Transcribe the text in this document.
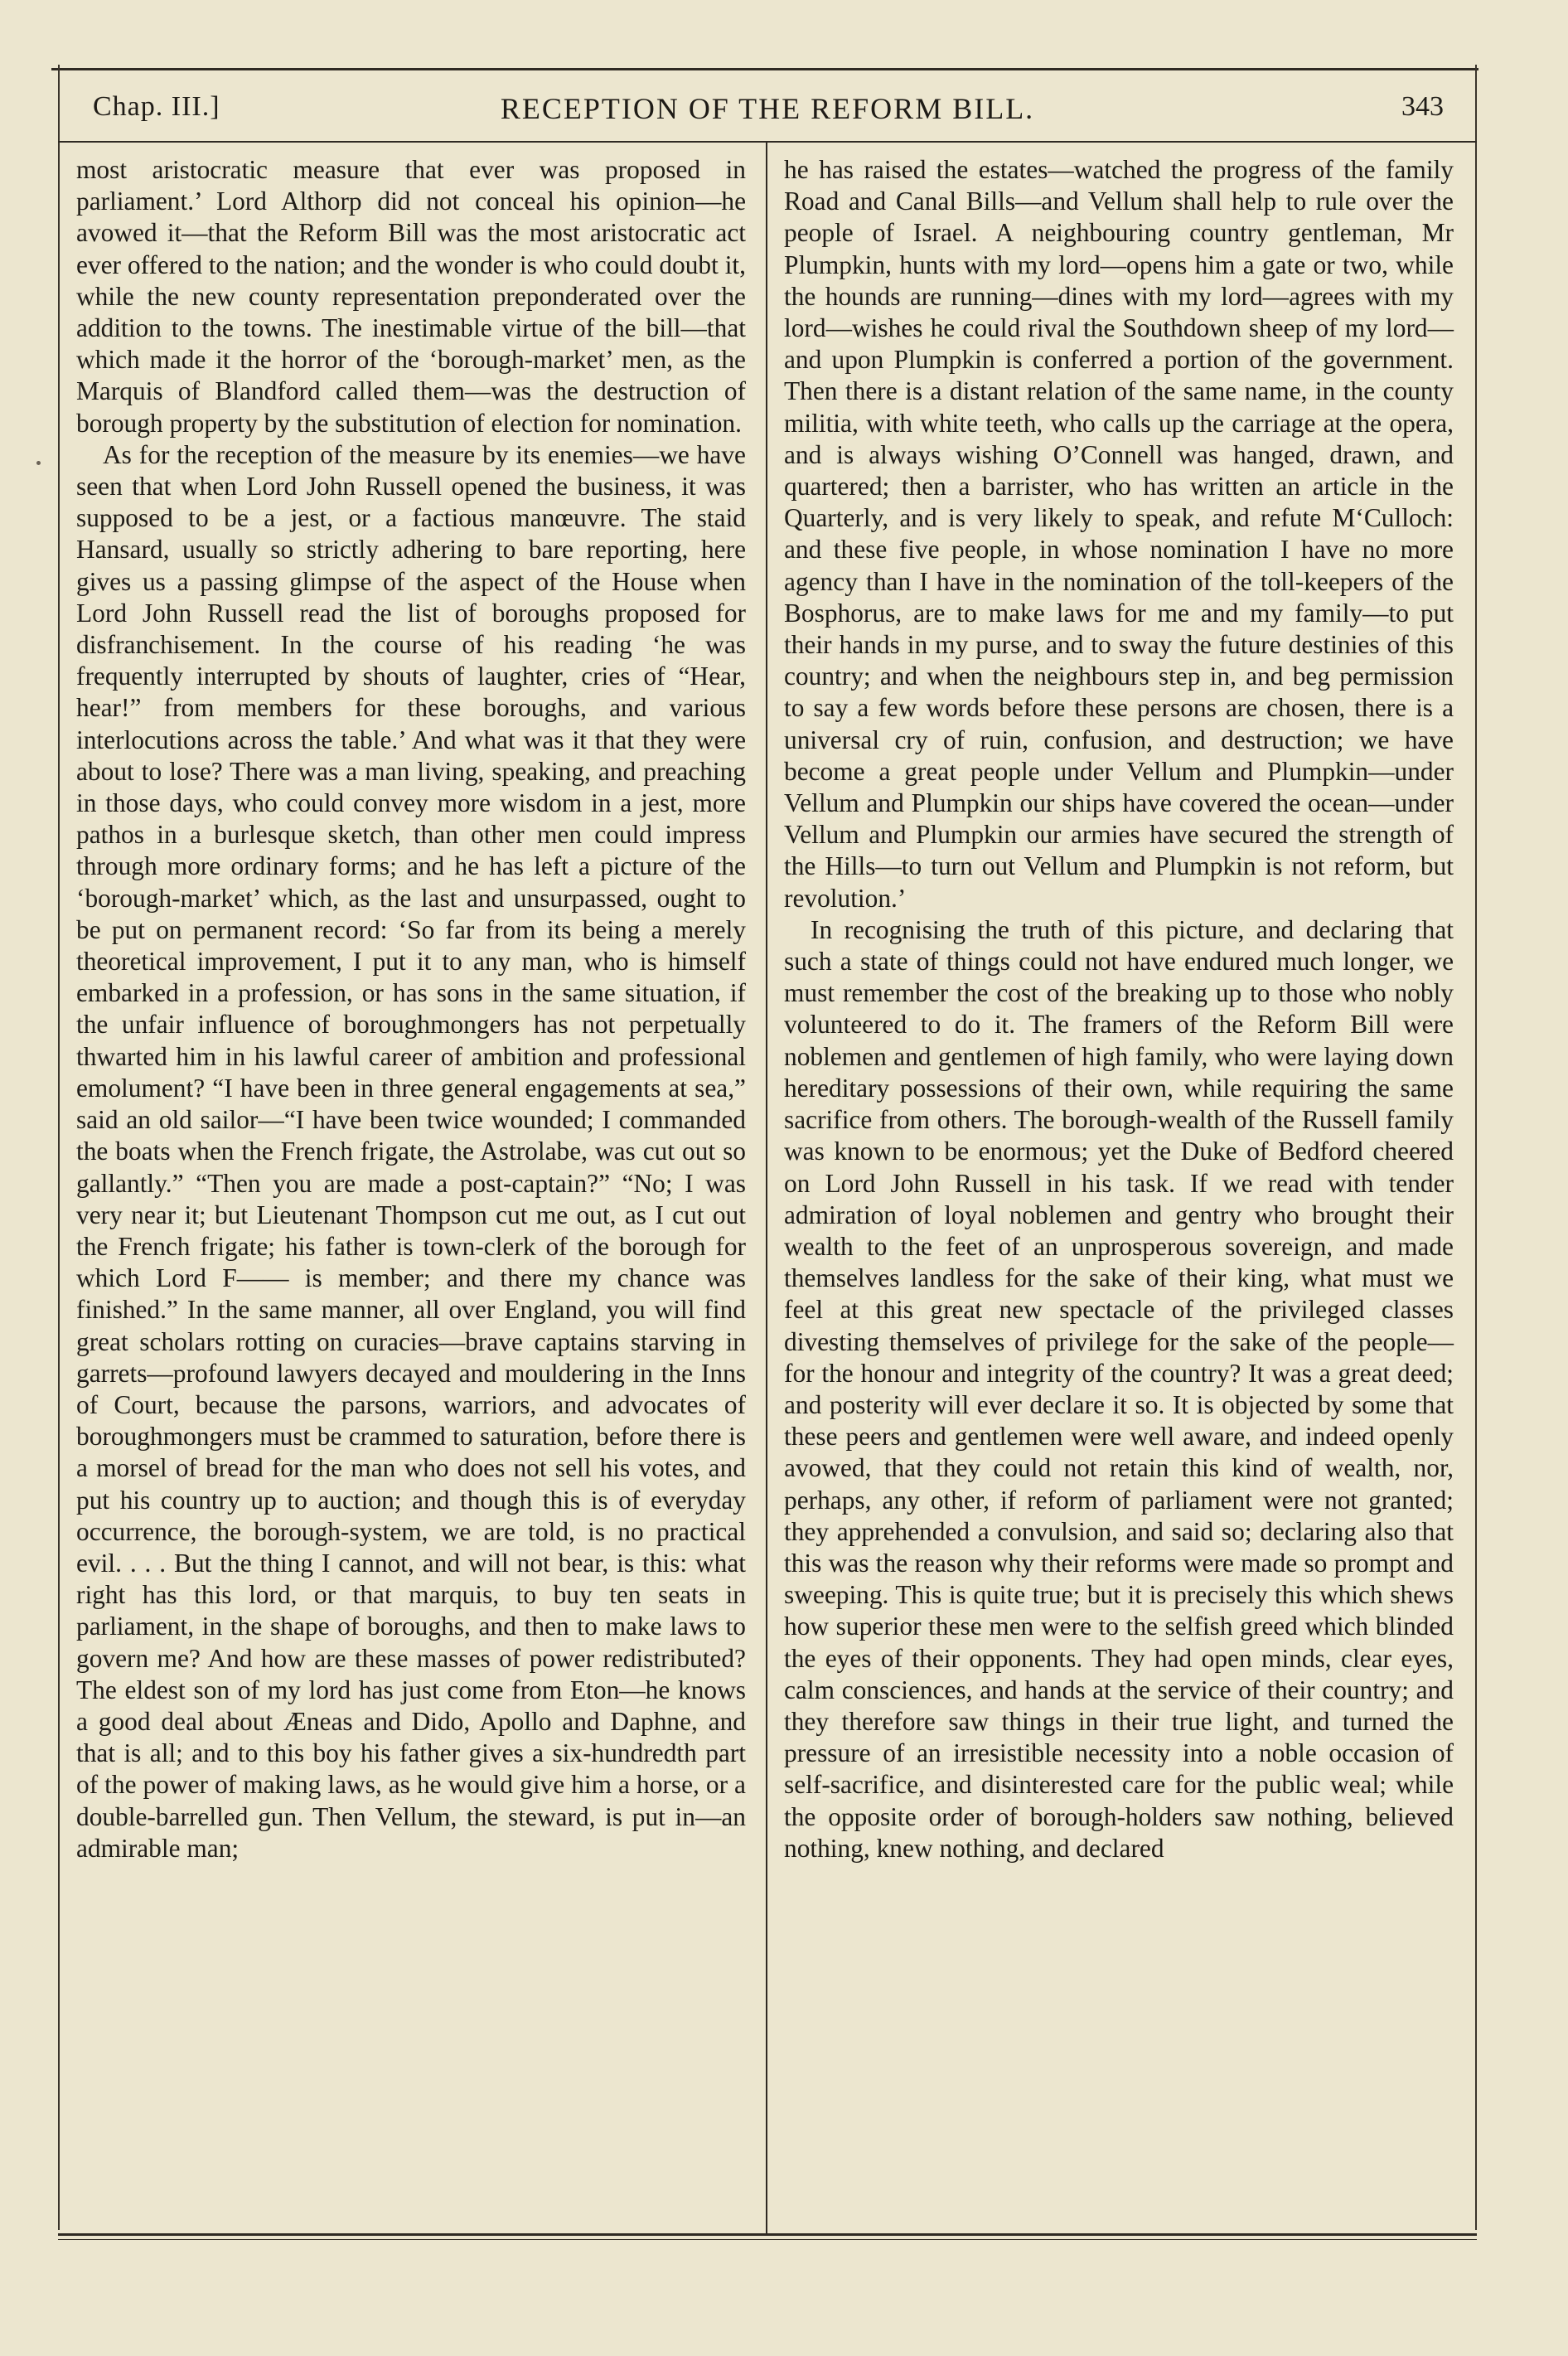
Chap. III.]	RECEPTION OF THE REFORM BILL.	343

most aristocratic measure that ever was proposed in parliament.’ Lord Althorp did not conceal his opinion—he avowed it—that the Reform Bill was the most aristocratic act ever offered to the nation; and the wonder is who could doubt it, while the new county representation preponderated over the addition to the towns. The inestimable virtue of the bill—that which made it the horror of the ‘borough-market’ men, as the Marquis of Blandford called them—was the destruction of borough property by the substitution of election for nomination.

As for the reception of the measure by its enemies—we have seen that when Lord John Russell opened the business, it was supposed to be a jest, or a factious manœuvre. The staid Hansard, usually so strictly adhering to bare reporting, here gives us a passing glimpse of the aspect of the House when Lord John Russell read the list of boroughs proposed for disfranchisement. In the course of his reading ‘he was frequently interrupted by shouts of laughter, cries of “Hear, hear!” from members for these boroughs, and various interlocutions across the table.’ And what was it that they were about to lose? There was a man living, speaking, and preaching in those days, who could convey more wisdom in a jest, more pathos in a burlesque sketch, than other men could impress through more ordinary forms; and he has left a picture of the ‘borough-market’ which, as the last and unsurpassed, ought to be put on permanent record: ‘So far from its being a merely theoretical improvement, I put it to any man, who is himself embarked in a profession, or has sons in the same situation, if the unfair influence of boroughmongers has not perpetually thwarted him in his lawful career of ambition and professional emolument? “I have been in three general engagements at sea,” said an old sailor—“I have been twice wounded; I commanded the boats when the French frigate, the Astrolabe, was cut out so gallantly.” “Then you are made a post-captain?” “No; I was very near it; but Lieutenant Thompson cut me out, as I cut out the French frigate; his father is town-clerk of the borough for which Lord F—— is member; and there my chance was finished.” In the same manner, all over England, you will find great scholars rotting on curacies—brave captains starving in garrets—profound lawyers decayed and mouldering in the Inns of Court, because the parsons, warriors, and advocates of boroughmongers must be crammed to saturation, before there is a morsel of bread for the man who does not sell his votes, and put his country up to auction; and though this is of everyday occurrence, the borough-system, we are told, is no practical evil. . . . But the thing I cannot, and will not bear, is this: what right has this lord, or that marquis, to buy ten seats in parliament, in the shape of boroughs, and then to make laws to govern me? And how are these masses of power redistributed? The eldest son of my lord has just come from Eton—he knows a good deal about Æneas and Dido, Apollo and Daphne, and that is all; and to this boy his father gives a six-hundredth part of the power of making laws, as he would give him a horse, or a double-barrelled gun. Then Vellum, the steward, is put in—an admirable man;

he has raised the estates—watched the progress of the family Road and Canal Bills—and Vellum shall help to rule over the people of Israel. A neighbouring country gentleman, Mr Plumpkin, hunts with my lord—opens him a gate or two, while the hounds are running—dines with my lord—agrees with my lord—wishes he could rival the Southdown sheep of my lord—and upon Plumpkin is conferred a portion of the government. Then there is a distant relation of the same name, in the county militia, with white teeth, who calls up the carriage at the opera, and is always wishing O’Connell was hanged, drawn, and quartered; then a barrister, who has written an article in the Quarterly, and is very likely to speak, and refute M‘Culloch: and these five people, in whose nomination I have no more agency than I have in the nomination of the toll-keepers of the Bosphorus, are to make laws for me and my family—to put their hands in my purse, and to sway the future destinies of this country; and when the neighbours step in, and beg permission to say a few words before these persons are chosen, there is a universal cry of ruin, confusion, and destruction; we have become a great people under Vellum and Plumpkin—under Vellum and Plumpkin our ships have covered the ocean—under Vellum and Plumpkin our armies have secured the strength of the Hills—to turn out Vellum and Plumpkin is not reform, but revolution.’

In recognising the truth of this picture, and declaring that such a state of things could not have endured much longer, we must remember the cost of the breaking up to those who nobly volunteered to do it. The framers of the Reform Bill were noblemen and gentlemen of high family, who were laying down hereditary possessions of their own, while requiring the same sacrifice from others. The borough-wealth of the Russell family was known to be enormous; yet the Duke of Bedford cheered on Lord John Russell in his task. If we read with tender admiration of loyal noblemen and gentry who brought their wealth to the feet of an unprosperous sovereign, and made themselves landless for the sake of their king, what must we feel at this great new spectacle of the privileged classes divesting themselves of privilege for the sake of the people—for the honour and integrity of the country? It was a great deed; and posterity will ever declare it so. It is objected by some that these peers and gentlemen were well aware, and indeed openly avowed, that they could not retain this kind of wealth, nor, perhaps, any other, if reform of parliament were not granted; they apprehended a convulsion, and said so; declaring also that this was the reason why their reforms were made so prompt and sweeping. This is quite true; but it is precisely this which shews how superior these men were to the selfish greed which blinded the eyes of their opponents. They had open minds, clear eyes, calm consciences, and hands at the service of their country; and they therefore saw things in their true light, and turned the pressure of an irresistible necessity into a noble occasion of self-sacrifice, and disinterested care for the public weal; while the opposite order of borough-holders saw nothing, believed nothing, knew nothing, and declared
